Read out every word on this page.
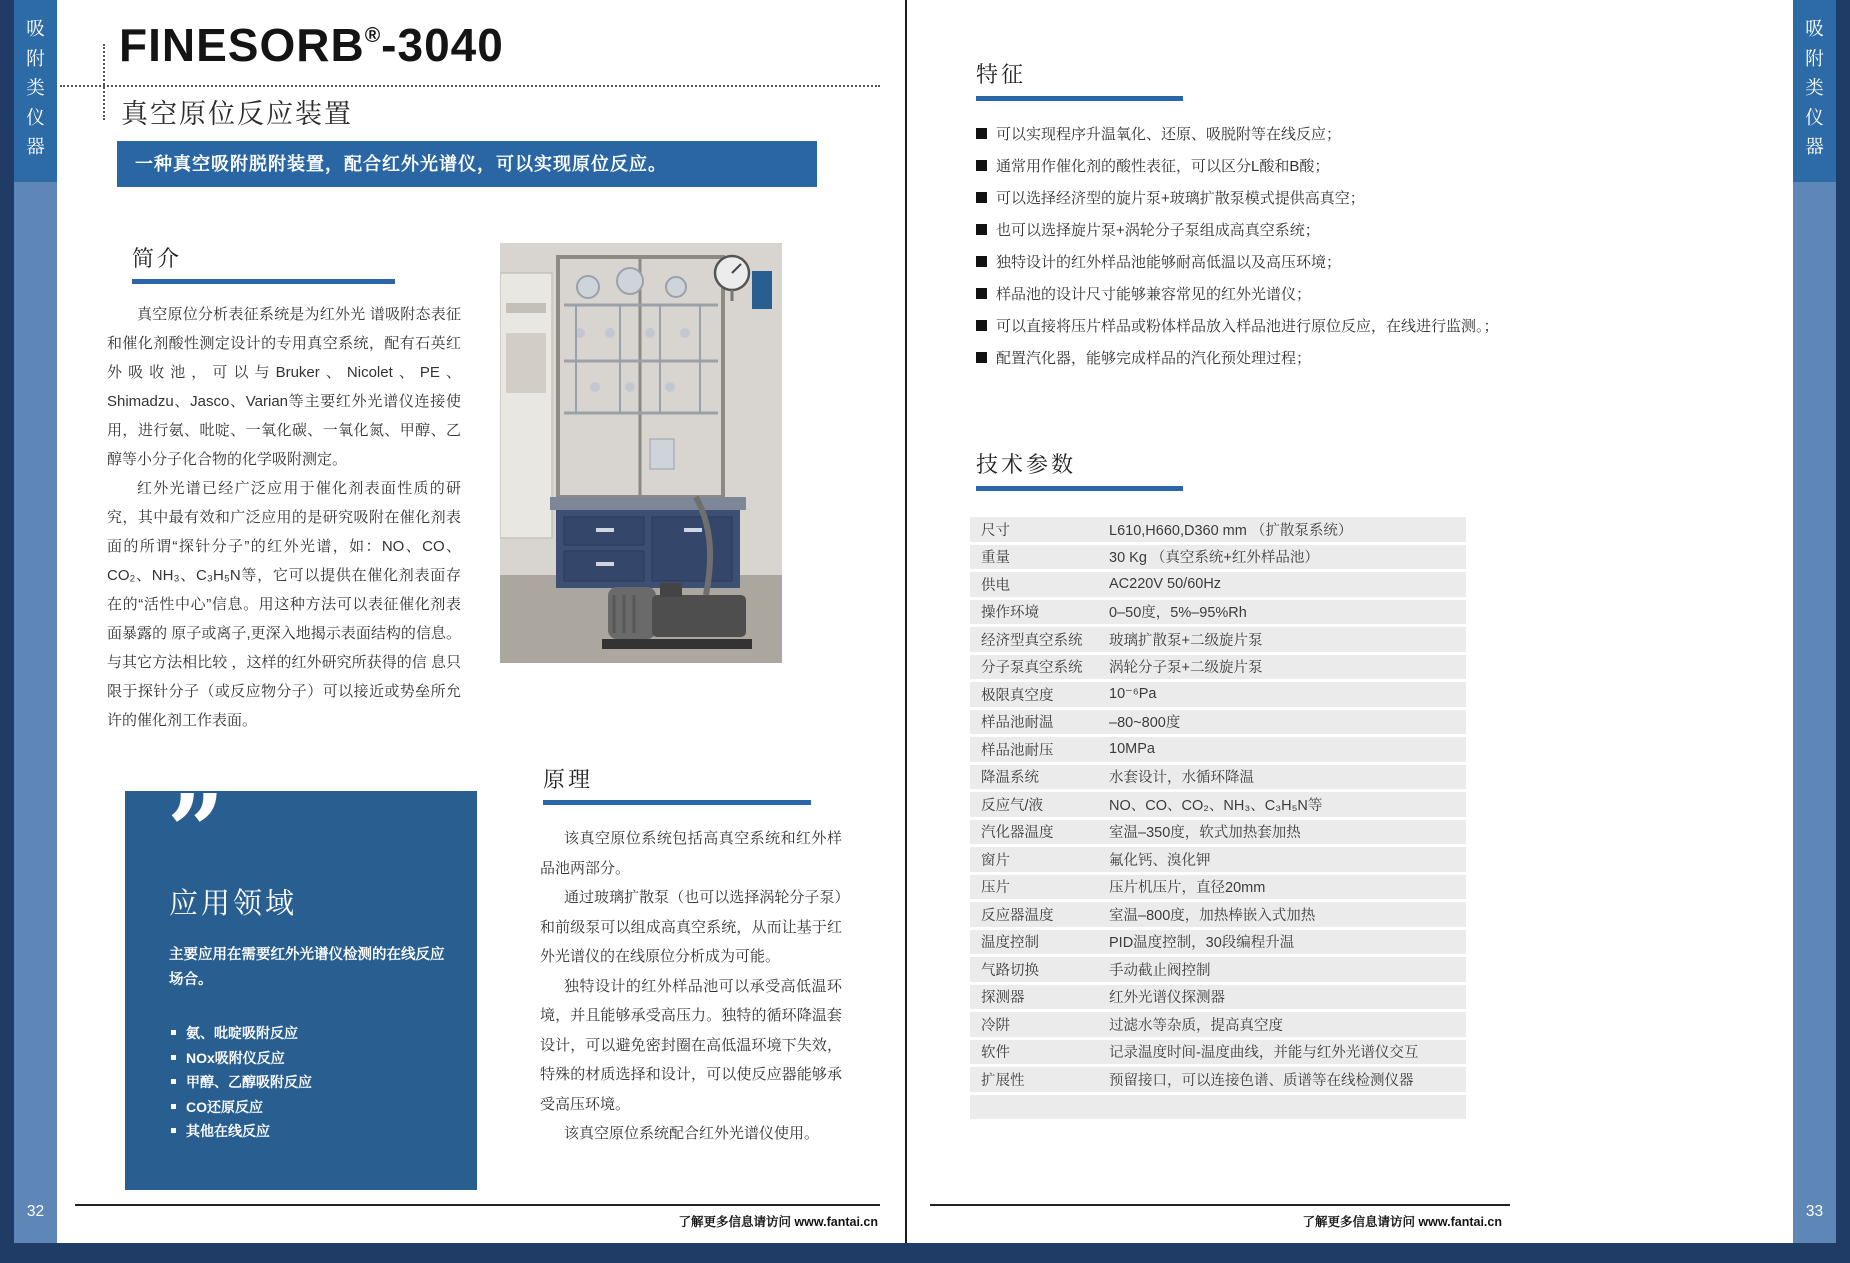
吸附类仪器
吸附类仪器
32	33
FINESORB®-3040
真空原位反应装置
一种真空吸附脱附装置，配合红外光谱仪，可以实现原位反应。
简介

真空原位分析表征系统是为红外光 谱吸附态表征和催化剂酸性测定设计的专用真空系统，配有石英红外吸收池，可以与Bruker、Nicolet、PE、Shimadzu、Jasco、Varian等主要红外光谱仪连接使用，进行氨、吡啶、一氧化碳、一氧化氮、甲醇、乙醇等小分子化合物的化学吸附测定。

红外光谱已经广泛应用于催化剂表面性质的研究，其中最有效和广泛应用的是研究吸附在催化剂表面的所谓“探针分子”的红外光谱，如：NO、CO、CO₂、NH₃、C₃H₅N等，它可以提供在催化剂表面存在的“活性中心”信息。用这种方法可以表征催化剂表面暴露的 原子或离子,更深入地揭示表面结构的信息。与其它方法相比较 ，这样的红外研究所获得的信 息只限于探针分子（或反应物分子）可以接近或势垒所允许的催化剂工作表面。

”
应用领域
主要应用在需要红外光谱仪检测的在线反应场合。
氨、吡啶吸附反应
NOx吸附仪反应
甲醇、乙醇吸附反应
CO还原反应
其他在线反应
原理

该真空原位系统包括高真空系统和红外样品池两部分。

通过玻璃扩散泵（也可以选择涡轮分子泵）和前级泵可以组成高真空系统，从而让基于红外光谱仪的在线原位分析成为可能。

独特设计的红外样品池可以承受高低温环境，并且能够承受高压力。独特的循环降温套设计，可以避免密封圈在高低温环境下失效，特殊的材质选择和设计，可以使反应器能够承受高压环境。

该真空原位系统配合红外光谱仪使用。

特征
可以实现程序升温氧化、还原、吸脱附等在线反应；
通常用作催化剂的酸性表征，可以区分L酸和B酸；
可以选择经济型的旋片泵+玻璃扩散泵模式提供高真空；
也可以选择旋片泵+涡轮分子泵组成高真空系统；
独特设计的红外样品池能够耐高低温以及高压环境；
样品池的设计尺寸能够兼容常见的红外光谱仪；
可以直接将压片样品或粉体样品放入样品池进行原位反应，在线进行监测。；
配置汽化器，能够完成样品的汽化预处理过程；
技术参数
尺寸	L610,H660,D360 mm （扩散泵系统）
重量	30 Kg （真空系统+红外样品池）
供电	AC220V 50/60Hz
操作环境	0–50度，5%–95%Rh
经济型真空系统	玻璃扩散泵+二级旋片泵
分子泵真空系统	涡轮分子泵+二级旋片泵
极限真空度	10⁻⁶Pa
样品池耐温	–80~800度
样品池耐压	10MPa
降温系统	水套设计，水循环降温
反应气/液	NO、CO、CO₂、NH₃、C₃H₅N等
汽化器温度	室温–350度，软式加热套加热
窗片	氟化钙、溴化钾
压片	压片机压片，直径20mm
反应器温度	室温–800度，加热棒嵌入式加热
温度控制	PID温度控制，30段编程升温
气路切换	手动截止阀控制
探测器	红外光谱仪探测器
冷阱	过滤水等杂质，提高真空度
软件	记录温度时间-温度曲线，并能与红外光谱仪交互
扩展性	预留接口，可以连接色谱、质谱等在线检测仪器
了解更多信息请访问 www.fantai.cn	了解更多信息请访问 www.fantai.cn
